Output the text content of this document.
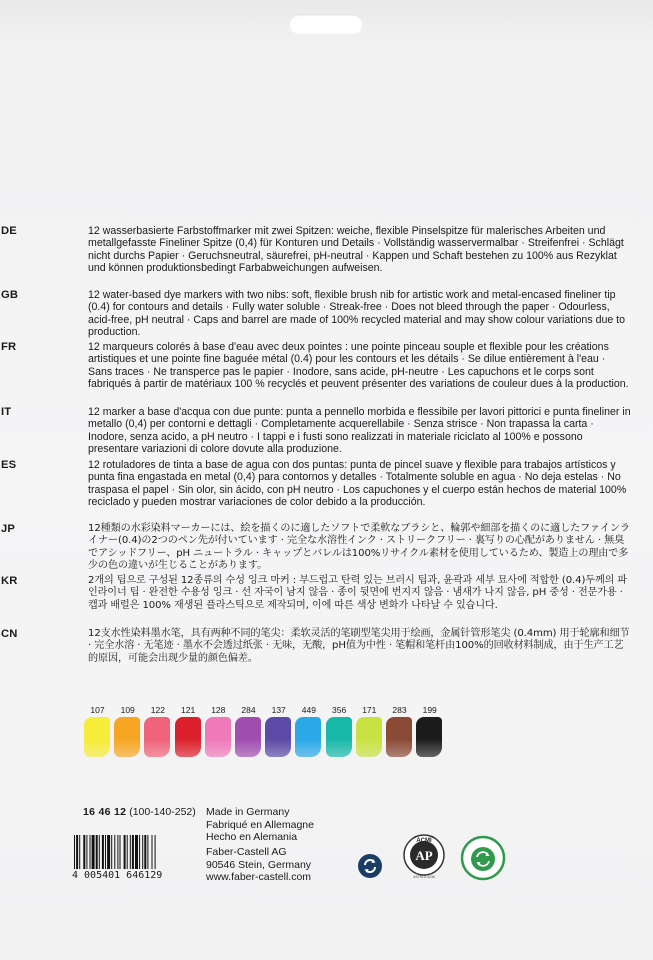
DE	12 wasserbasierte Farbstoffmarker mit zwei Spitzen: weiche, flexible Pinselspitze für malerisches Arbeiten und metallgefasste Fineliner Spitze (0,4) für Konturen und Details · Vollständig wasservermalbar · Streifenfrei · Schlägt nicht durchs Papier · Geruchsneutral, säurefrei, pH-neutral · Kappen und Schaft bestehen zu 100% aus Rezyklat und können produktionsbedingt Farbabweichungen aufweisen.
GB	12 water-based dye markers with two nibs: soft, flexible brush nib for artistic work and metal-encased fineliner tip (0.4) for contours and details · Fully water soluble · Streak-free · Does not bleed through the paper · Odourless, acid-free, pH neutral · Caps and barrel are made of 100% recycled material and may show colour variations due to production.
FR	12 marqueurs colorés à base d'eau avec deux pointes : une pointe pinceau souple et flexible pour les créations artistiques et une pointe fine baguée métal (0.4) pour les contours et les détails · Se dilue entièrement à l'eau · Sans traces · Ne transperce pas le papier · Inodore, sans acide, pH-neutre · Les capuchons et le corps sont fabriqués à partir de matériaux 100 % recyclés et peuvent présenter des variations de couleur dues à la production.
IT	12 marker a base d'acqua con due punte: punta a pennello morbida e flessibile per lavori pittorici e punta fineliner in metallo (0,4) per contorni e dettagli · Completamente acquerellabile · Senza strisce · Non trapassa la carta · Inodore, senza acido, a pH neutro · I tappi e i fusti sono realizzati in materiale riciclato al 100% e possono presentare variazioni di colore dovute alla produzione.
ES	12 rotuladores de tinta a base de agua con dos puntas: punta de pincel suave y flexible para trabajos artísticos y punta fina engastada en metal (0,4) para contornos y detalles · Totalmente soluble en agua · No deja estelas · No traspasa el papel · Sin olor, sin ácido, con pH neutro · Los capuchones y el cuerpo están hechos de material 100% reciclado y pueden mostrar variaciones de color debido a la producción.
JP	12種類の水彩染料マーカーには、絵を描くのに適したソフトで柔軟なブラシと、輪郭や細部を描くのに適したファインライナー(0.4)の2つのペン先が付いています · 完全な水溶性インク · ストリークフリー · 裏写りの心配がありません · 無臭でアシッドフリー、pH ニュートラル · キャップとバレルは100%リサイクル素材を使用しているため、製造上の理由で多少の色の違いが生じることがあります。
KR	2개의 팁으로 구성된 12종류의 수성 잉크 마커 : 부드럽고 탄력 있는 브러시 팁과, 윤곽과 세부 묘사에 적합한 (0.4)두께의 파인라이너 팁 · 완전한 수용성 잉크 · 선 자국이 남지 않음 · 종이 뒷면에 번지지 않음 · 냄새가 나지 않음, pH 중성 · 전문가용 · 캡과 배럴은 100% 재생된 플라스틱으로 제작되며, 이에 따른 색상 변화가 나타날 수 있습니다.
CN	12支水性染料墨水笔，具有两种不同的笔尖：柔软灵活的笔刷型笔尖用于绘画，金属针管形笔尖 (0.4mm) 用于轮廓和细节 · 完全水溶 · 无笔迹 · 墨水不会透过纸张 · 无味，无酸，pH值为中性 · 笔帽和笔杆由100%的回收材料制成，由于生产工艺的原因，可能会出现少量的颜色偏差。
107	109	122	121	128	284	137	449	356	171	283	199
16 46 12 (100-140-252) Made in Germany
Fabriqué en Allemagne
Hecho en Alemania
Faber-Castell AG
90546 Stein, Germany
www.faber-castell.com
4 005401 646129
ACMI
AP
ASTM D-4236
